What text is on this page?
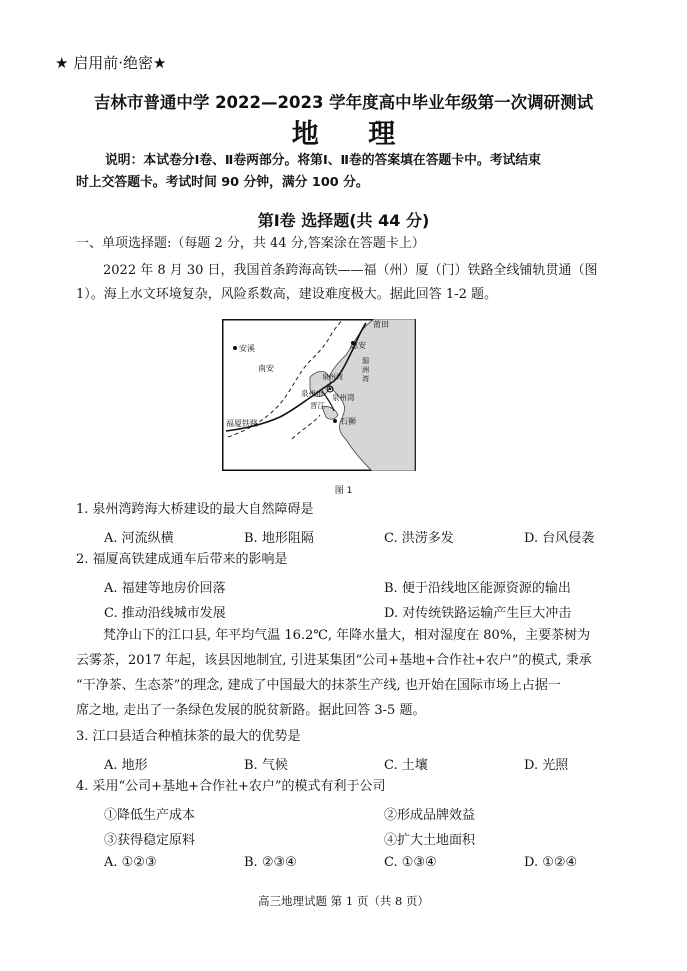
★ 启用前·绝密★
吉林市普通中学 2022—2023 学年度高中毕业年级第一次调研测试
地 理
说明：本试卷分Ⅰ卷、Ⅱ卷两部分。将第Ⅰ、Ⅱ卷的答案填在答题卡中。考试结束
时上交答题卡。考试时间 90 分钟，满分 100 分。
第Ⅰ卷 选择题(共 44 分)
一、单项选择题:（每题 2 分，共 44 分,答案涂在答题卡上）
2022 年 8 月 30 日，我国首条跨海高铁——福（州）厦（门）铁路全线铺轨贯通（图
1）。海上水文环境复杂，风险系数高，建设难度极大。据此回答 1-2 题。
安溪
南安
莆田
惠安
泉州市 泉州湾
晋江
石狮
福厦铁路
泉州湾
湄
洲
湾
图 1
1. 泉州湾跨海大桥建设的最大自然障碍是
A. 河流纵横	B. 地形阻隔	C. 洪涝多发	D. 台风侵袭
2. 福厦高铁建成通车后带来的影响是
A. 福建等地房价回落	B. 便于沿线地区能源资源的输出
C. 推动沿线城市发展	D. 对传统铁路运输产生巨大冲击
梵净山下的江口县, 年平均气温 16.2℃, 年降水量大，相对湿度在 80%，主要茶树为
云雾茶，2017 年起，该县因地制宜, 引进某集团“公司+基地+合作社+农户”的模式, 秉承
“干净茶、生态茶”的理念, 建成了中国最大的抹茶生产线, 也开始在国际市场上占据一
席之地, 走出了一条绿色发展的脱贫新路。据此回答 3-5 题。
3. 江口县适合种植抹茶的最大的优势是
A. 地形	B. 气候	C. 土壤	D. 光照
4. 采用“公司+基地+合作社+农户”的模式有利于公司
①降低生产成本	②形成品牌效益
③获得稳定原料	④扩大土地面积
A. ①②③	B. ②③④	C. ①③④	D. ①②④
高三地理试题 第 1 页（共 8 页）
